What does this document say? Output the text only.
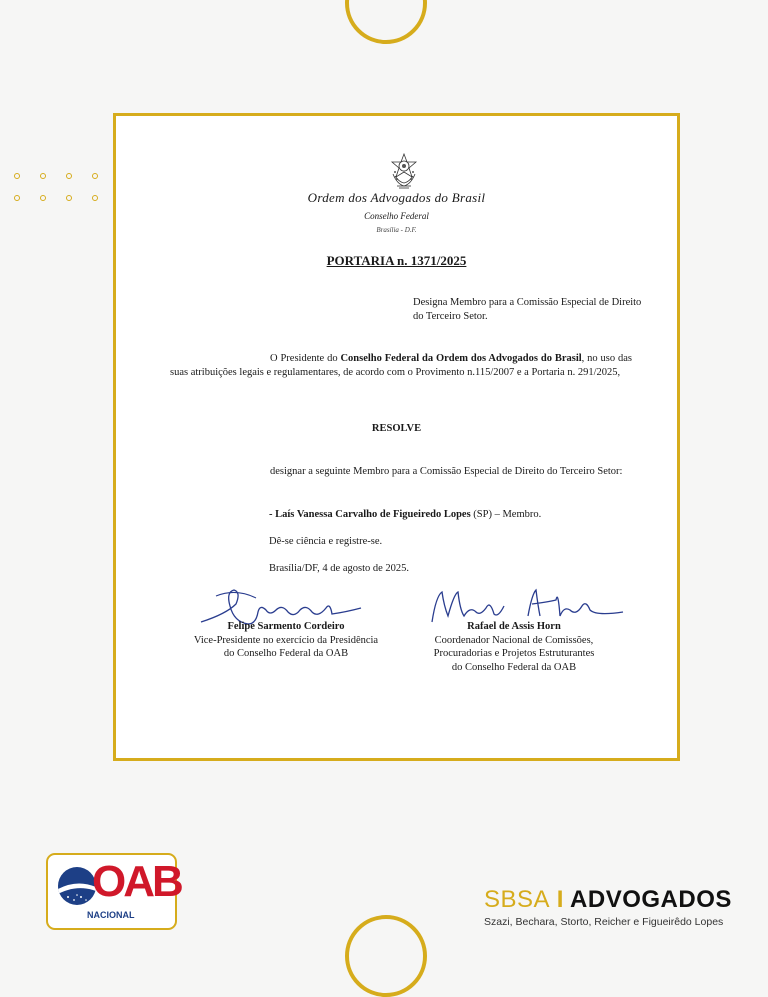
Ordem dos Advogados do Brasil
Conselho Federal
Brasília - D.F.
PORTARIA n. 1371/2025
Designa Membro para a Comissão Especial de Direito do Terceiro Setor.
O Presidente do Conselho Federal da Ordem dos Advogados do Brasil, no uso das suas atribuições legais e regulamentares, de acordo com o Provimento n.115/2007 e a Portaria n. 291/2025,
RESOLVE
designar a seguinte Membro para a Comissão Especial de Direito do Terceiro Setor:
- Laís Vanessa Carvalho de Figueiredo Lopes (SP) – Membro.
Dê-se ciência e registre-se.
Brasília/DF, 4 de agosto de 2025.
Felipe Sarmento Cordeiro
Vice-Presidente no exercício da Presidência
do Conselho Federal da OAB
Rafael de Assis Horn
Coordenador Nacional de Comissões,
Procuradorias e Projetos Estruturantes
do Conselho Federal da OAB
OAB
NACIONAL
SBSA I ADVOGADOS
Szazi, Bechara, Storto, Reicher e Figueirêdo Lopes
